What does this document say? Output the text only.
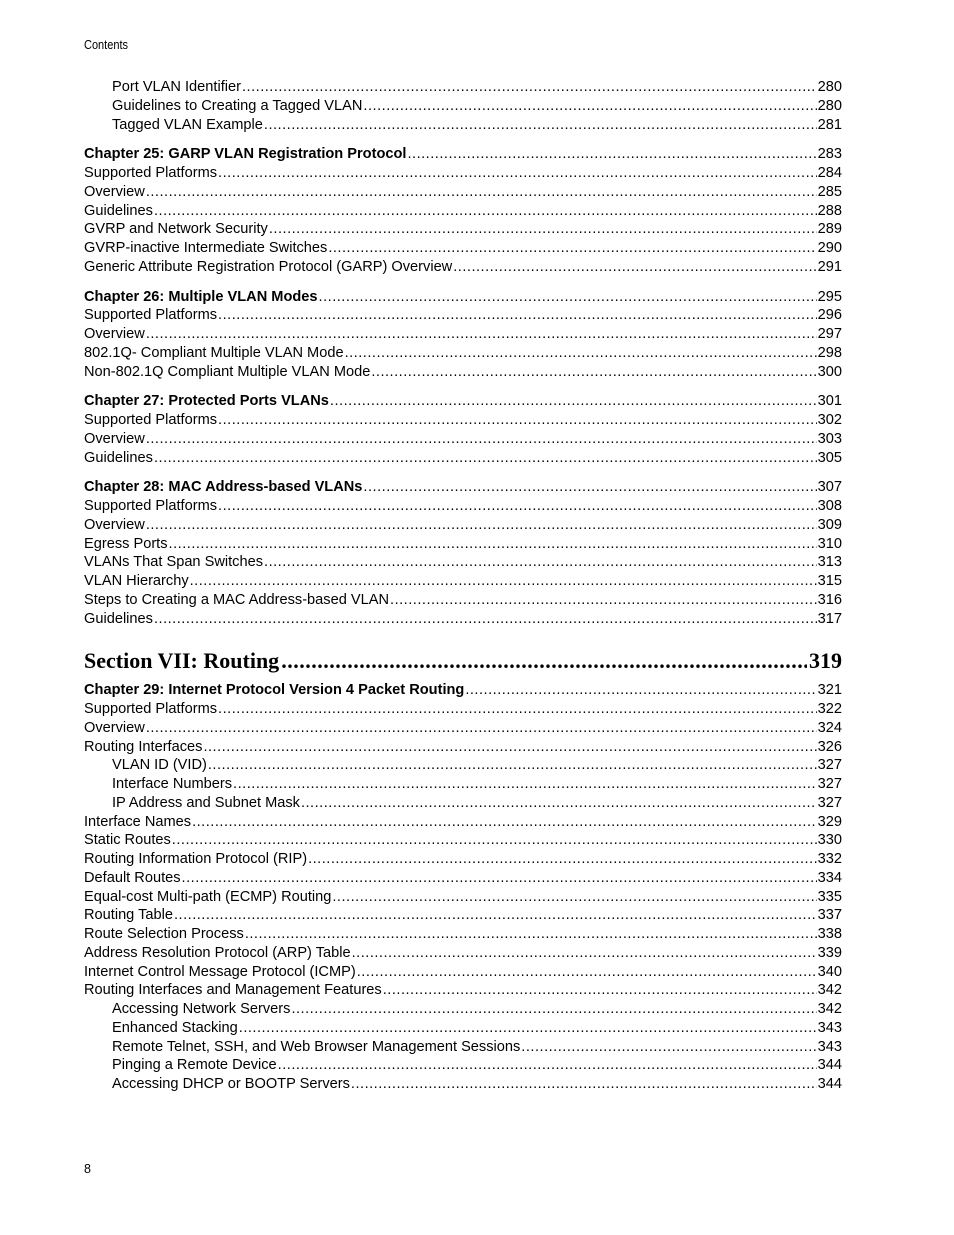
Contents
Port VLAN Identifier .....	280
Guidelines to Creating a Tagged VLAN .....	280
Tagged VLAN Example .....	281
Chapter 25: GARP VLAN Registration Protocol .....	283
Supported Platforms .....	284
Overview .....	285
Guidelines .....	288
GVRP and Network Security .....	289
GVRP-inactive Intermediate Switches .....	290
Generic Attribute Registration Protocol (GARP) Overview .....	291
Chapter 26: Multiple VLAN Modes .....	295
Supported Platforms .....	296
Overview .....	297
802.1Q- Compliant Multiple VLAN Mode .....	298
Non-802.1Q Compliant Multiple VLAN Mode .....	300
Chapter 27: Protected Ports VLANs .....	301
Supported Platforms .....	302
Overview .....	303
Guidelines .....	305
Chapter 28: MAC Address-based VLANs .....	307
Supported Platforms .....	308
Overview .....	309
Egress Ports .....	310
VLANs That Span Switches .....	313
VLAN Hierarchy .....	315
Steps to Creating a MAC Address-based VLAN .....	316
Guidelines .....	317
Section VII: Routing .....	319
Chapter 29: Internet Protocol Version 4 Packet Routing .....	321
Supported Platforms .....	322
Overview .....	324
Routing Interfaces .....	326
VLAN ID (VID) .....	327
Interface Numbers .....	327
IP Address and Subnet Mask .....	327
Interface Names .....	329
Static Routes .....	330
Routing Information Protocol (RIP) .....	332
Default Routes .....	334
Equal-cost Multi-path (ECMP) Routing .....	335
Routing Table .....	337
Route Selection Process .....	338
Address Resolution Protocol (ARP) Table .....	339
Internet Control Message Protocol (ICMP) .....	340
Routing Interfaces and Management Features .....	342
Accessing Network Servers .....	342
Enhanced Stacking .....	343
Remote Telnet, SSH, and Web Browser Management Sessions .....	343
Pinging a Remote Device .....	344
Accessing DHCP or BOOTP Servers .....	344
8
